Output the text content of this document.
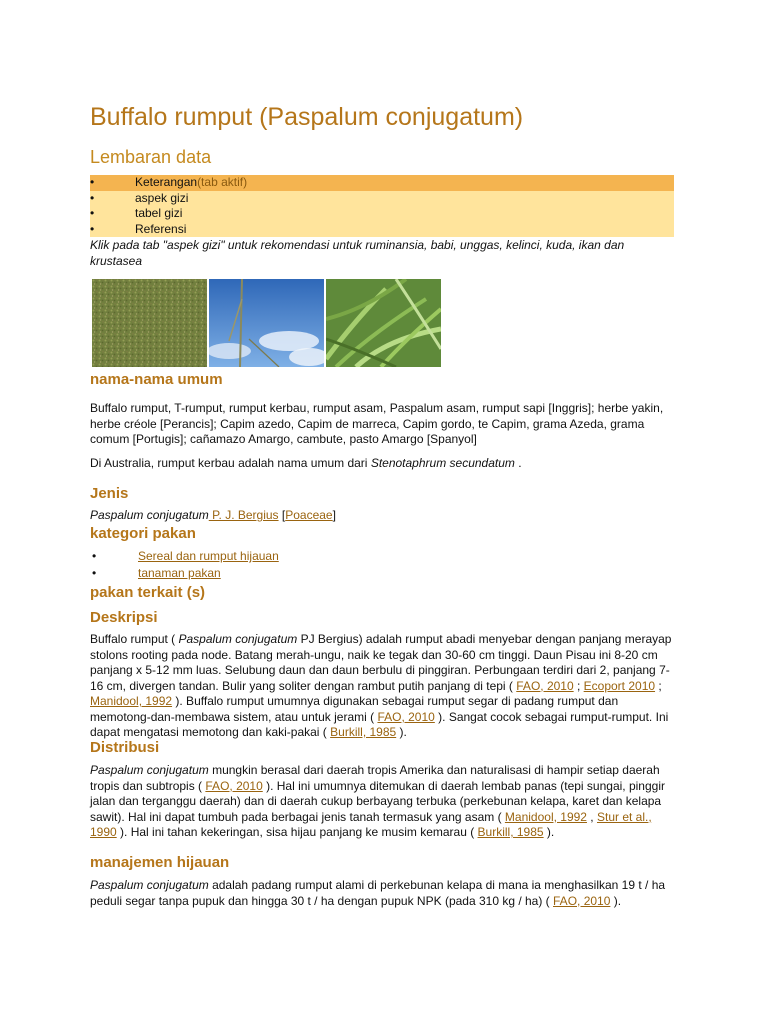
Buffalo rumput (Paspalum conjugatum)
Lembaran data
•	Keterangan(tab aktif)
•	aspek gizi
•	tabel gizi
•	Referensi

Klik pada tab "aspek gizi" untuk rekomendasi untuk ruminansia, babi, unggas, kelinci, kuda, ikan dan krustasea

nama-nama umum

Buffalo rumput, T-rumput, rumput kerbau, rumput asam, Paspalum asam, rumput sapi [Inggris]; herbe yakin, herbe créole [Perancis]; Capim azedo, Capim de marreca, Capim gordo, te Capim, grama Azeda, grama comum [Portugis]; cañamazo Amargo, cambute, pasto Amargo [Spanyol]

Di Australia, rumput kerbau adalah nama umum dari Stenotaphrum secundatum .

Jenis

Paspalum conjugatum P. J. Bergius [Poaceae]

kategori pakan
•	Sereal dan rumput hijauan
•	tanaman pakan
pakan terkait (s)
Deskripsi

Buffalo rumput ( Paspalum conjugatum PJ Bergius) adalah rumput abadi menyebar dengan panjang merayap stolons rooting pada node. Batang merah-ungu, naik ke tegak dan 30-60 cm tinggi. Daun Pisau ini 8-20 cm panjang x 5-12 mm luas. Selubung daun dan daun berbulu di pinggiran. Perbungaan terdiri dari 2, panjang 7-16 cm, divergen tandan. Bulir yang soliter dengan rambut putih panjang di tepi ( FAO, 2010 ; Ecoport 2010 ; Manidool, 1992 ). Buffalo rumput umumnya digunakan sebagai rumput segar di padang rumput dan memotong-dan-membawa sistem, atau untuk jerami ( FAO, 2010 ). Sangat cocok sebagai rumput-rumput. Ini dapat mengatasi memotong dan kaki-pakai ( Burkill, 1985 ).

Distribusi

Paspalum conjugatum mungkin berasal dari daerah tropis Amerika dan naturalisasi di hampir setiap daerah tropis dan subtropis ( FAO, 2010 ). Hal ini umumnya ditemukan di daerah lembab panas (tepi sungai, pinggir jalan dan terganggu daerah) dan di daerah cukup berbayang terbuka (perkebunan kelapa, karet dan kelapa sawit). Hal ini dapat tumbuh pada berbagai jenis tanah termasuk yang asam ( Manidool, 1992 , Stur et al., 1990 ). Hal ini tahan kekeringan, sisa hijau panjang ke musim kemarau ( Burkill, 1985 ).

manajemen hijauan

Paspalum conjugatum adalah padang rumput alami di perkebunan kelapa di mana ia menghasilkan 19 t / ha peduli segar tanpa pupuk dan hingga 30 t / ha dengan pupuk NPK (pada 310 kg / ha) ( FAO, 2010 ).
